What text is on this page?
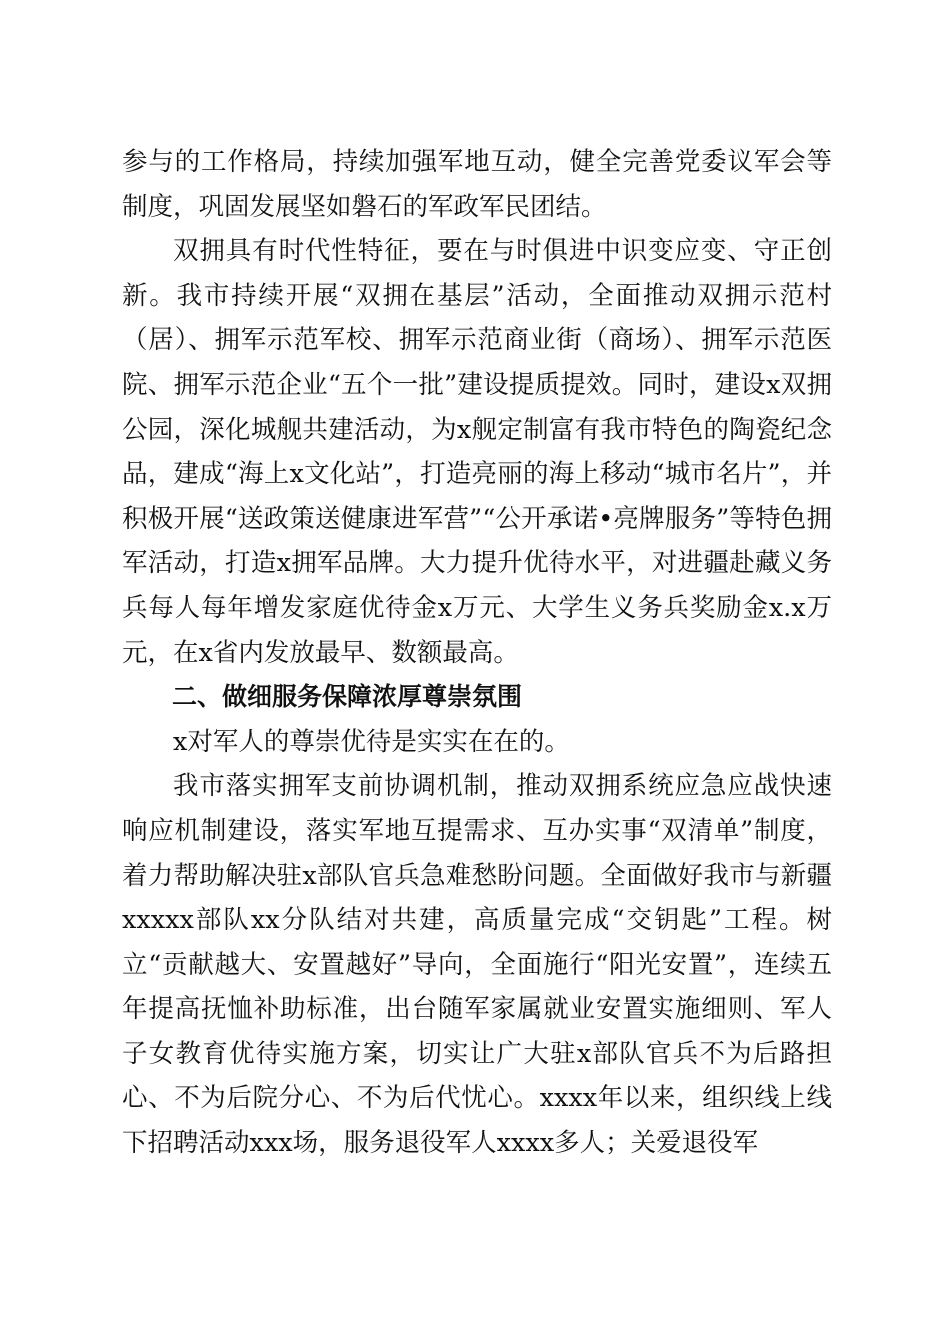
参与的工作格局，持续加强军地互动，健全完善党委议军会等制度，巩固发展坚如磐石的军政军民团结。

双拥具有时代性特征，要在与时俱进中识变应变、守正创新。我市持续开展“双拥在基层”活动，全面推动双拥示范村（居）、拥军示范军校、拥军示范商业街（商场）、拥军示范医院、拥军示范企业“五个一批”建设提质提效。同时，建设x双拥公园，深化城舰共建活动，为x舰定制富有我市特色的陶瓷纪念品，建成“海上x文化站”，打造亮丽的海上移动“城市名片”，并积极开展“送政策送健康进军营”“公开承诺•亮牌服务”等特色拥军活动，打造x拥军品牌。大力提升优待水平，对进疆赴藏义务兵每人每年增发家庭优待金x万元、大学生义务兵奖励金x.x万元，在x省内发放最早、数额最高。

二、做细服务保障浓厚尊崇氛围

x对军人的尊崇优待是实实在在的。

我市落实拥军支前协调机制，推动双拥系统应急应战快速响应机制建设，落实军地互提需求、互办实事“双清单”制度，着力帮助解决驻x部队官兵急难愁盼问题。全面做好我市与新疆xxxxx部队xx分队结对共建，高质量完成“交钥匙”工程。树立“贡献越大、安置越好”导向，全面施行“阳光安置”，连续五年提高抚恤补助标准，出台随军家属就业安置实施细则、军人子女教育优待实施方案，切实让广大驻x部队官兵不为后路担心、不为后院分心、不为后代忧心。xxxx年以来，组织线上线下招聘活动xxx场，服务退役军人xxxx多人；关爱退役军
